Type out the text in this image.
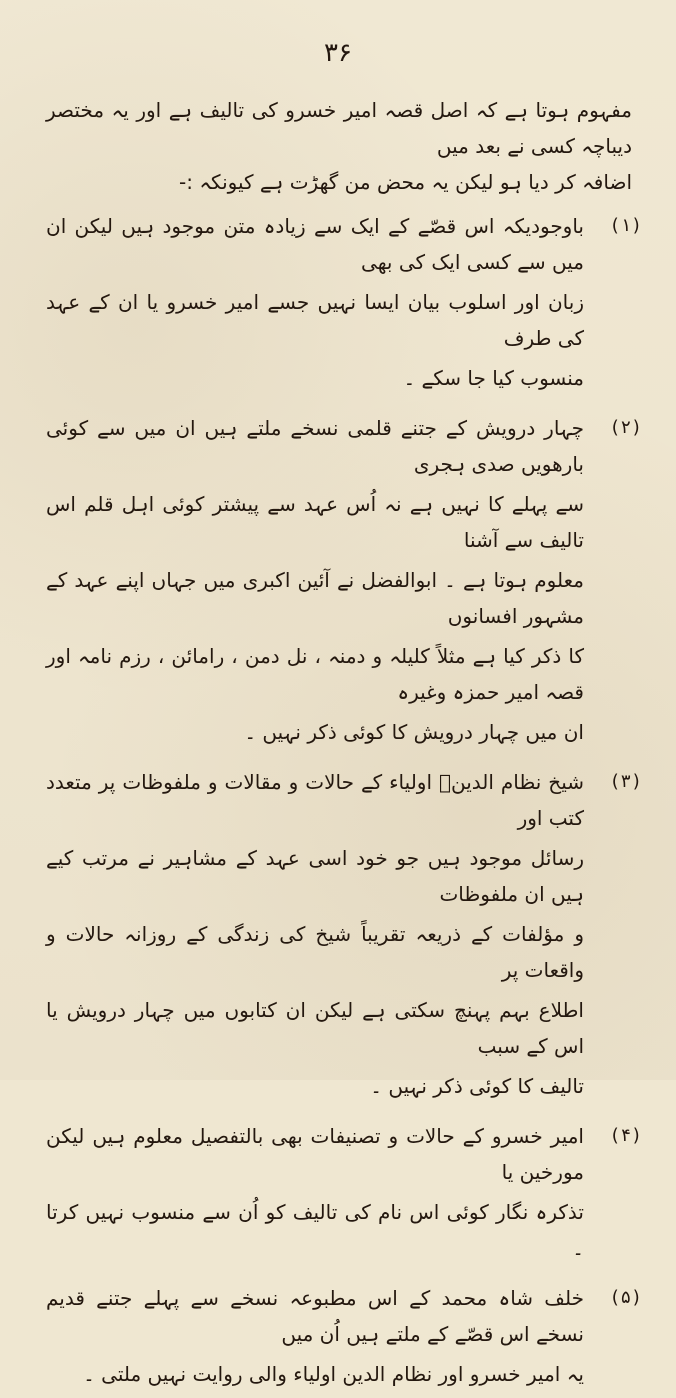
۳۶

مفہوم ہوتا ہے کہ اصل قصہ امیر خسرو کی تالیف ہے اور یہ مختصر دیباچہ کسی نے بعد میں

اضافہ کر دیا ہو لیکن یہ محض من گھڑت ہے کیونکہ :-

(۱)

باوجودیکہ اس قصّے کے ایک سے زیادہ متن موجود ہیں لیکن ان میں سے کسی ایک کی بھی

زبان اور اسلوب بیان ایسا نہیں جسے امیر خسرو یا ان کے عہد کی طرف

منسوب کیا جا سکے ۔

(۲)

چہار درویش کے جتنے قلمی نسخے ملتے ہیں ان میں سے کوئی بارھویں صدی ہجری

سے پہلے کا نہیں ہے نہ اُس عہد سے پیشتر کوئی اہل قلم اس تالیف سے آشنا

معلوم ہوتا ہے ۔ ابوالفضل نے آئین اکبری میں جہاں اپنے عہد کے مشہور افسانوں

کا ذکر کیا ہے مثلاً کلیلہ و دمنہ ، نل دمن ، رامائن ، رزم نامہ اور قصہ امیر حمزہ وغیرہ

ان میں چہار درویش کا کوئی ذکر نہیں ۔

(۳)

شیخ نظام الدینؒ اولیاء کے حالات و مقالات و ملفوظات پر متعدد کتب اور

رسائل موجود ہیں جو خود اسی عہد کے مشاہیر نے مرتب کیے ہیں ان ملفوظات

و مؤلفات کے ذریعہ تقریباً شیخ کی زندگی کے روزانہ حالات و واقعات پر

اطلاع بہم پہنچ سکتی ہے لیکن ان کتابوں میں چہار درویش یا اس کے سبب

تالیف کا کوئی ذکر نہیں ۔

(۴)

امیر خسرو کے حالات و تصنیفات بھی بالتفصیل معلوم ہیں لیکن مورخین یا

تذکرہ نگار کوئی اس نام کی تالیف کو اُن سے منسوب نہیں کرتا ۔

(۵)

خلف شاہ محمد کے اس مطبوعہ نسخے سے پہلے جتنے قدیم نسخے اس قصّے کے ملتے ہیں اُن میں

یہ امیر خسرو اور نظام الدین اولیاء والی روایت نہیں ملتی ۔
